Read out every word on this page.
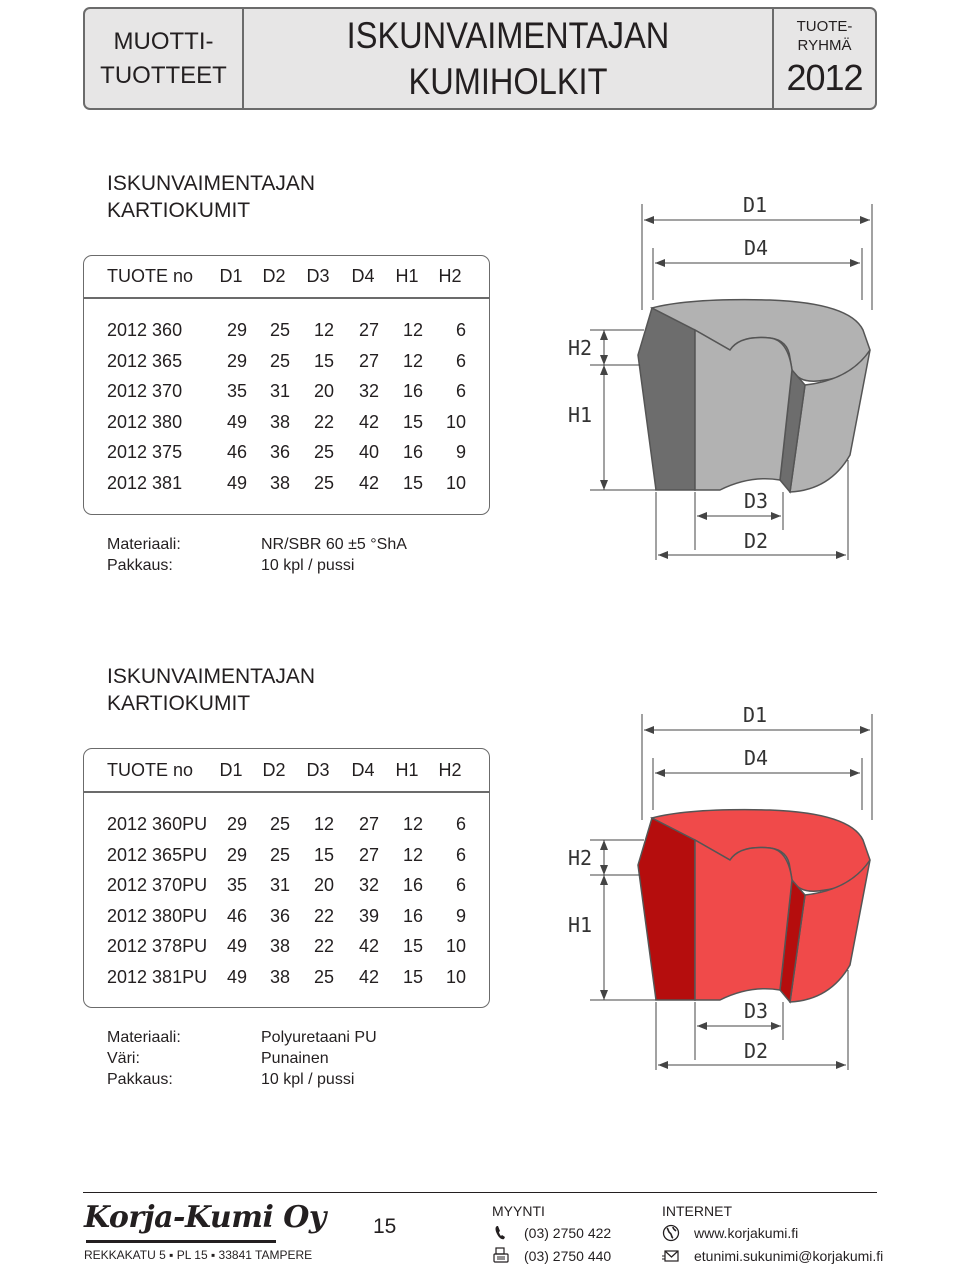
MUOTTI-
TUOTTEET
ISKUNVAIMENTAJAN
KUMIHOLKIT
TUOTE-
RYHMÄ
2012
ISKUNVAIMENTAJAN
KARTIOKUMIT
TUOTE no	D1	D2	D3	D4	H1	H2
2012 360	29	25	12	27	12	6
2012 365	29	25	15	27	12	6
2012 370	35	31	20	32	16	6
2012 380	49	38	22	42	15	10
2012 375	46	36	25	40	16	9
2012 381	49	38	25	42	15	10
Materiaali:	NR/SBR 60 ±5 °ShA
Pakkaus:	10 kpl / pussi
D1
D4
H2
H1
D3
D2
ISKUNVAIMENTAJAN
KARTIOKUMIT
TUOTE no	D1	D2	D3	D4	H1	H2
2012 360PU	29	25	12	27	12	6
2012 365PU	29	25	15	27	12	6
2012 370PU	35	31	20	32	16	6
2012 380PU	46	36	22	39	16	9
2012 378PU	49	38	22	42	15	10
2012 381PU	49	38	25	42	15	10
Materiaali:	Polyuretaani PU
Väri:	Punainen
Pakkaus:	10 kpl / pussi
D1
D4
H2
H1
D3
D2
Korja-Kumi Oy
REKKAKATU 5 ▪ PL 15 ▪ 33841 TAMPERE
15
MYYNTI
(03) 2750 422
(03) 2750 440
INTERNET
www.korjakumi.fi
etunimi.sukunimi@korjakumi.fi
